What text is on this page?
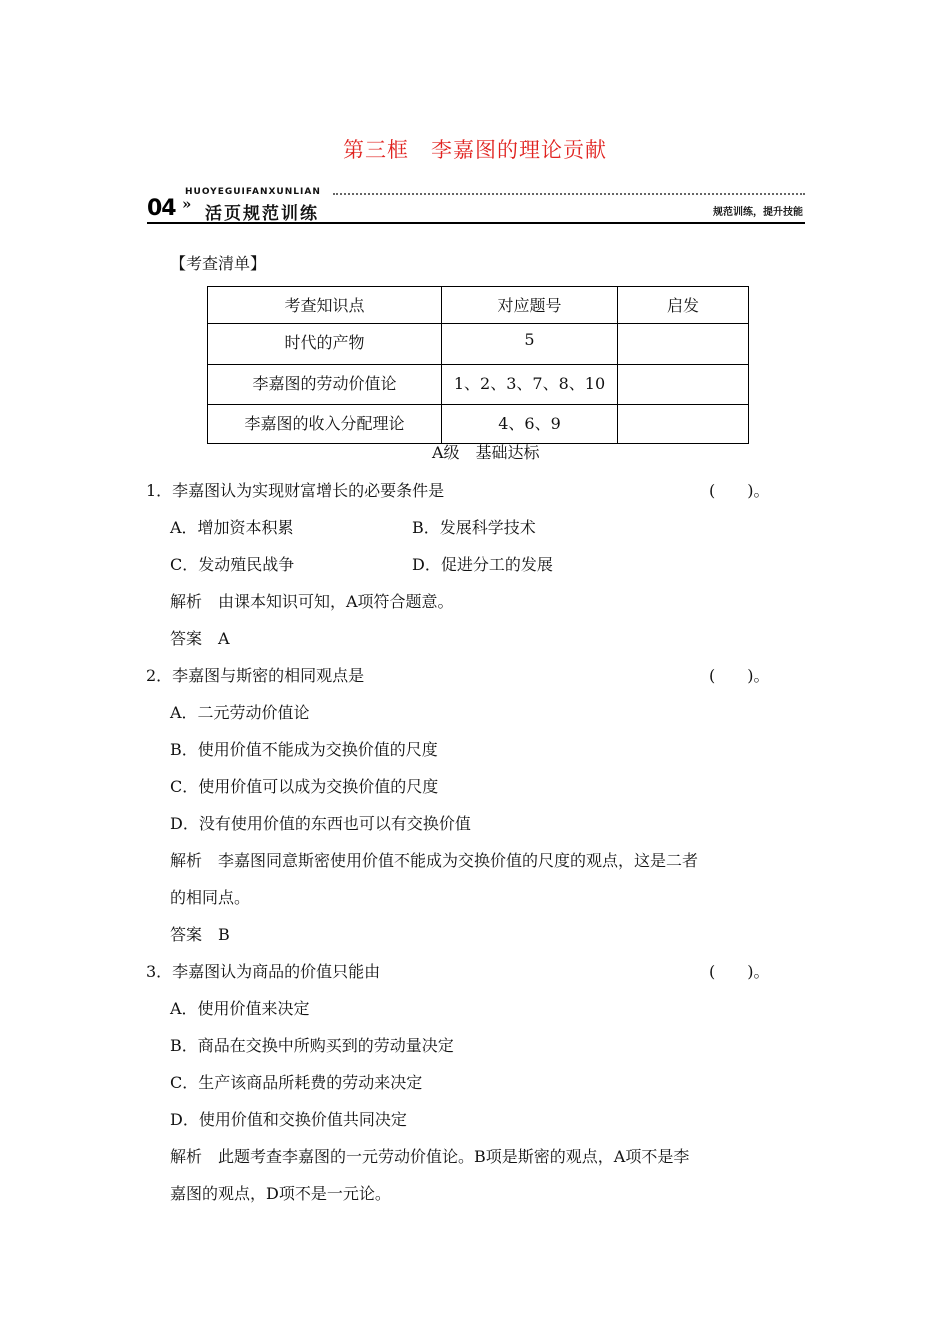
第三框　李嘉图的理论贡献
HUOYEGUIFANXUNLIAN
04 » 活页规范训练	规范训练，提升技能
【考查清单】
考查知识点	对应题号	启发
时代的产物	5	
李嘉图的劳动价值论	1、2、3、7、8、10	
李嘉图的收入分配理论	4、6、9	
A级　基础达标
1．李嘉图认为实现财富增长的必要条件是	(　　)。
A．增加资本积累	B．发展科学技术
C．发动殖民战争	D．促进分工的发展
解析　由课本知识可知，A项符合题意。
答案　A
2．李嘉图与斯密的相同观点是	(　　)。
A．二元劳动价值论
B．使用价值不能成为交换价值的尺度
C．使用价值可以成为交换价值的尺度
D．没有使用价值的东西也可以有交换价值
解析　李嘉图同意斯密使用价值不能成为交换价值的尺度的观点，这是二者
的相同点。
答案　B
3．李嘉图认为商品的价值只能由	(　　)。
A．使用价值来决定
B．商品在交换中所购买到的劳动量决定
C．生产该商品所耗费的劳动来决定
D．使用价值和交换价值共同决定
解析　此题考查李嘉图的一元劳动价值论。B项是斯密的观点，A项不是李
嘉图的观点，D项不是一元论。
